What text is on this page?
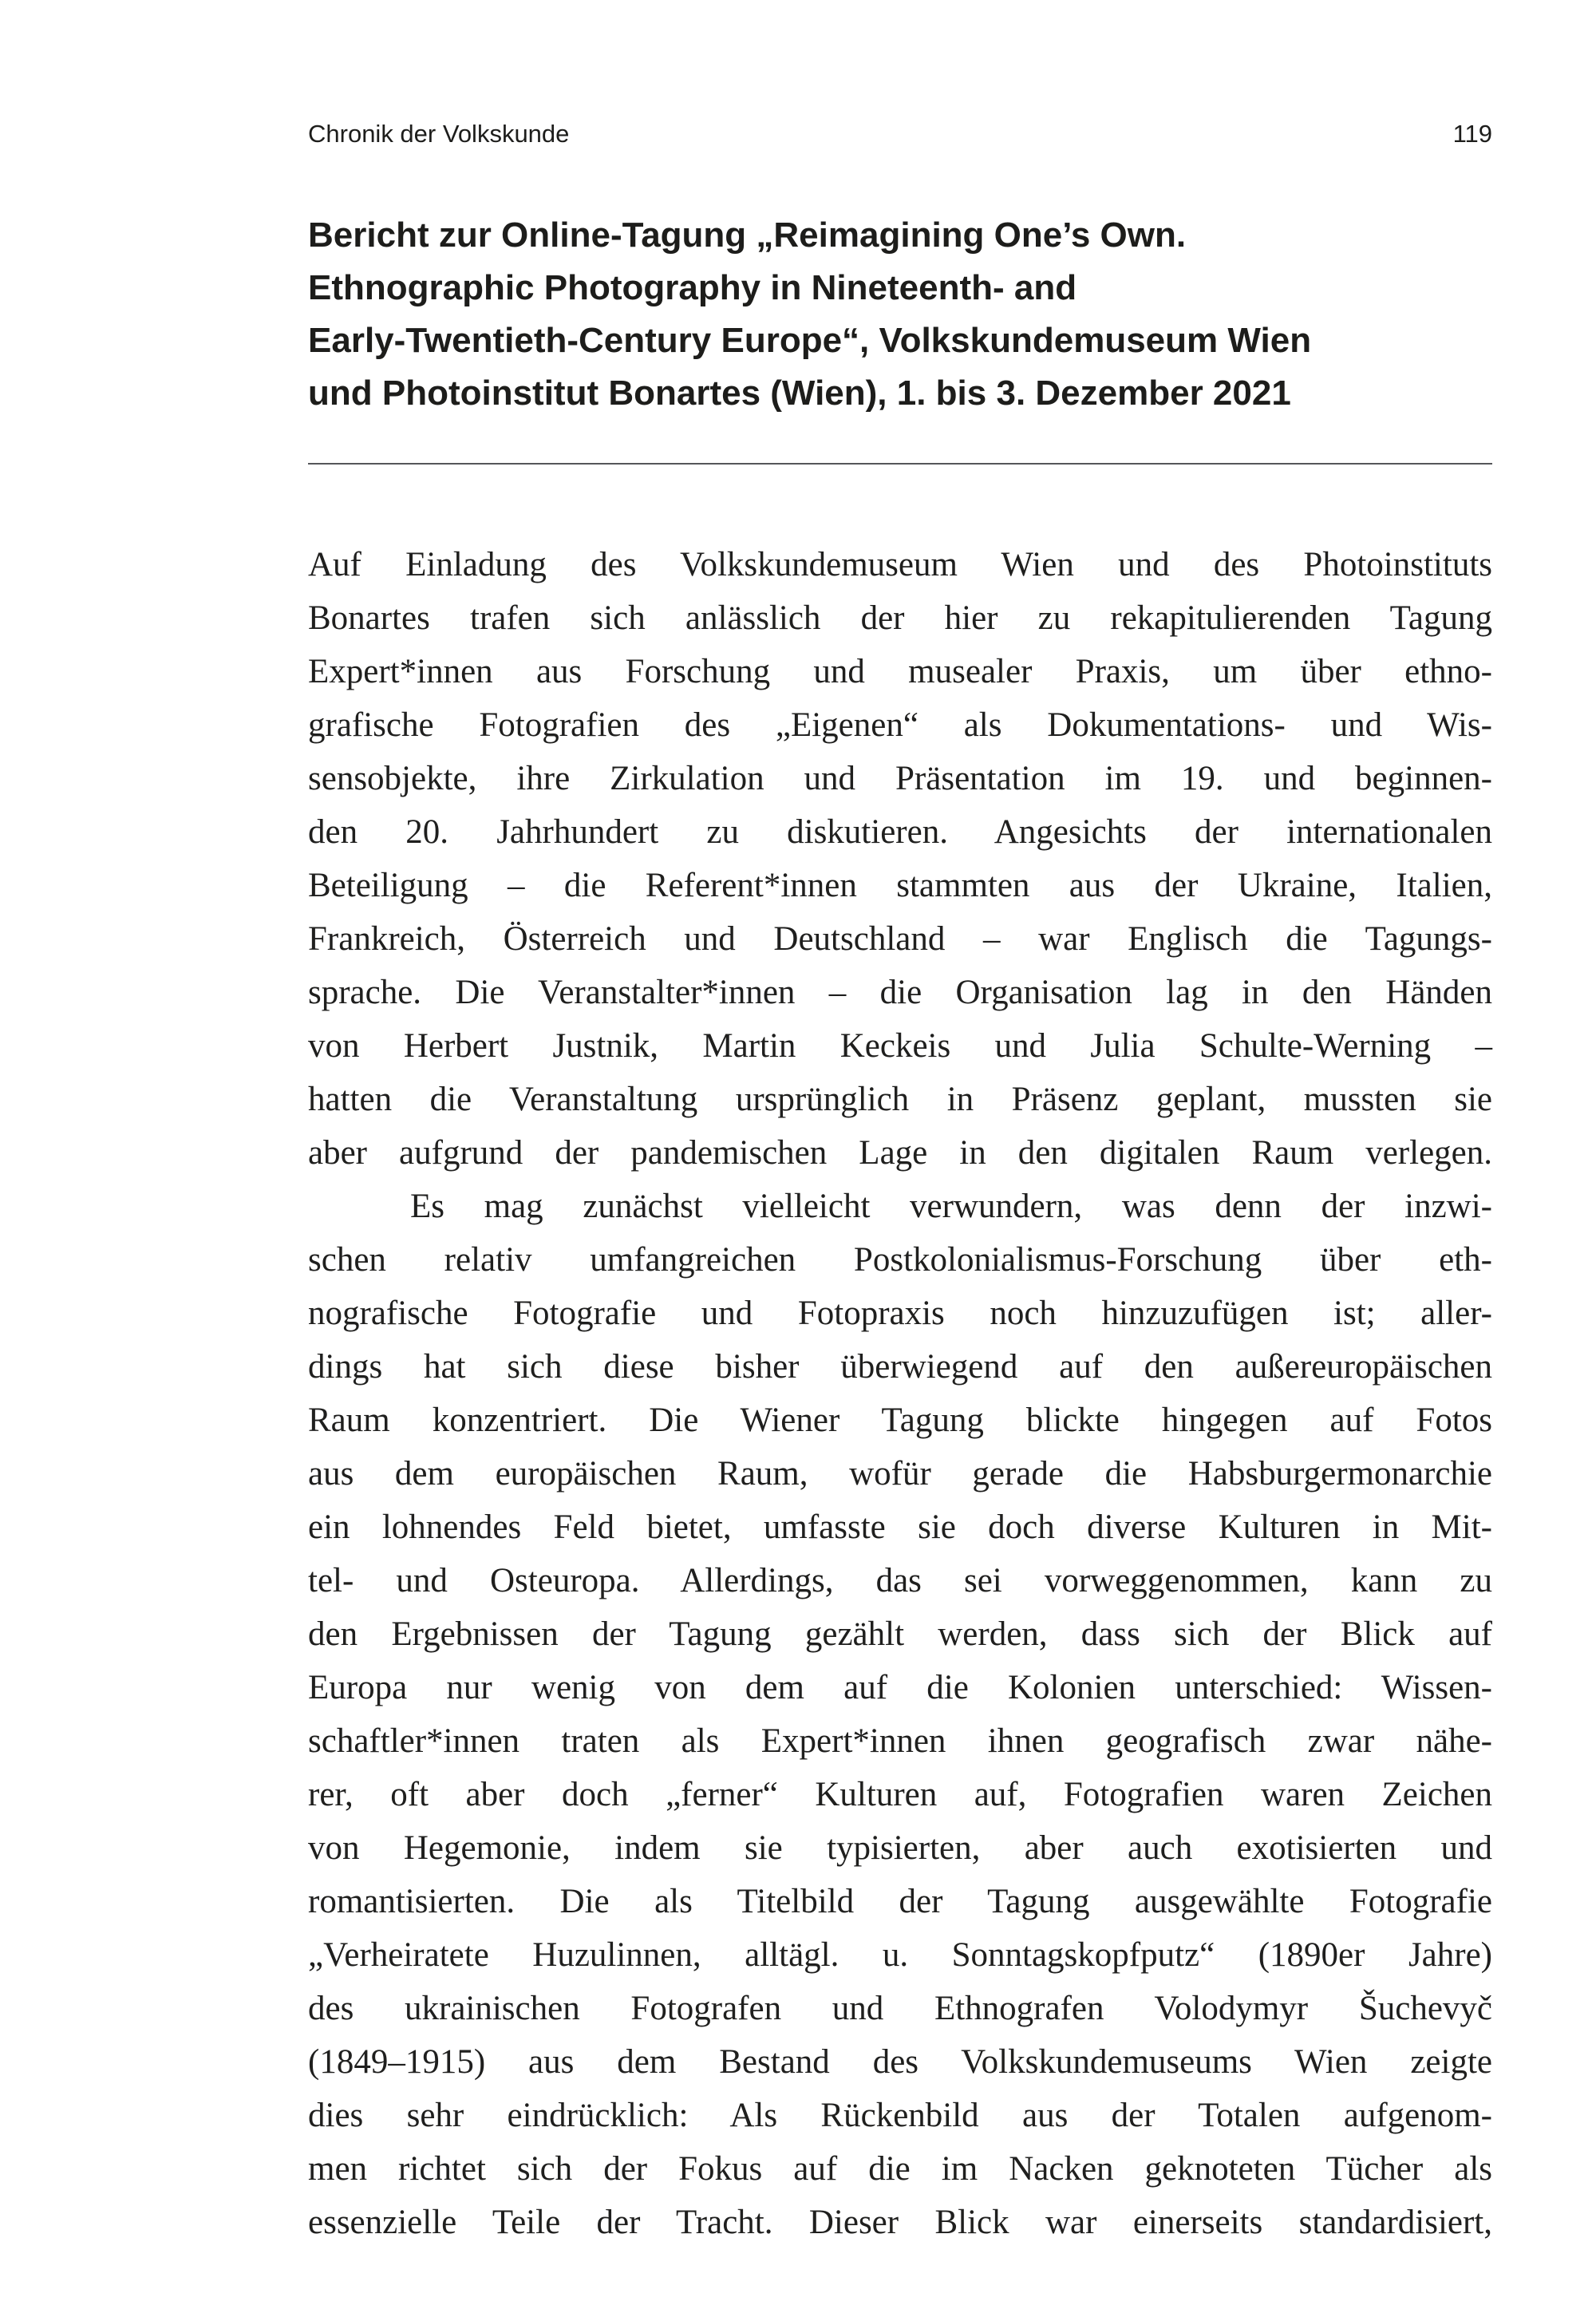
Chronik der Volkskunde	119
Bericht zur Online-Tagung „Reimagining One’s Own.
Ethnographic Photography in Nineteenth- and
Early-Twentieth-Century Europe“, Volkskundemuseum Wien
und Photoinstitut Bonartes (Wien), 1. bis 3. Dezember 2021
Auf Einladung des Volkskundemuseum Wien und des Photoinstituts
Bonartes trafen sich anlässlich der hier zu rekapitulierenden Tagung
Expert*innen aus Forschung und musealer Praxis, um über ethno-
grafische Fotografien des „Eigenen“ als Dokumentations- und Wis-
sensobjekte, ihre Zirkulation und Präsentation im 19. und beginnen-
den 20. Jahrhundert zu diskutieren. Angesichts der internationalen
Beteiligung – die Referent*innen stammten aus der Ukraine, Italien,
Frankreich, Österreich und Deutschland – war Englisch die Tagungs-
sprache. Die Veranstalter*innen – die Organisation lag in den Händen
von Herbert Justnik, Martin Keckeis und Julia Schulte-Werning –
hatten die Veranstaltung ursprünglich in Präsenz geplant, mussten sie
aber aufgrund der pandemischen Lage in den digitalen Raum verlegen.
Es mag zunächst vielleicht verwundern, was denn der inzwi-
schen relativ umfangreichen Postkolonialismus-Forschung über eth-
nografische Fotografie und Fotopraxis noch hinzuzufügen ist; aller-
dings hat sich diese bisher überwiegend auf den außereuropäischen
Raum konzentriert. Die Wiener Tagung blickte hingegen auf Fotos
aus dem europäischen Raum, wofür gerade die Habsburgermonarchie
ein lohnendes Feld bietet, umfasste sie doch diverse Kulturen in Mit-
tel- und Osteuropa. Allerdings, das sei vorweggenommen, kann zu
den Ergebnissen der Tagung gezählt werden, dass sich der Blick auf
Europa nur wenig von dem auf die Kolonien unterschied: Wissen-
schaftler*innen traten als Expert*innen ihnen geografisch zwar nähe-
rer, oft aber doch „ferner“ Kulturen auf, Fotografien waren Zeichen
von Hegemonie, indem sie typisierten, aber auch exotisierten und
romantisierten. Die als Titelbild der Tagung ausgewählte Fotografie
„Verheiratete Huzulinnen, alltägl. u. Sonntagskopfputz“ (1890er Jahre)
des ukrainischen Fotografen und Ethnografen Volodymyr Šuchevyč
(1849–1915) aus dem Bestand des Volkskundemuseums Wien zeigte
dies sehr eindrücklich: Als Rückenbild aus der Totalen aufgenom-
men richtet sich der Fokus auf die im Nacken geknoteten Tücher als
essenzielle Teile der Tracht. Dieser Blick war einerseits standardisiert,
